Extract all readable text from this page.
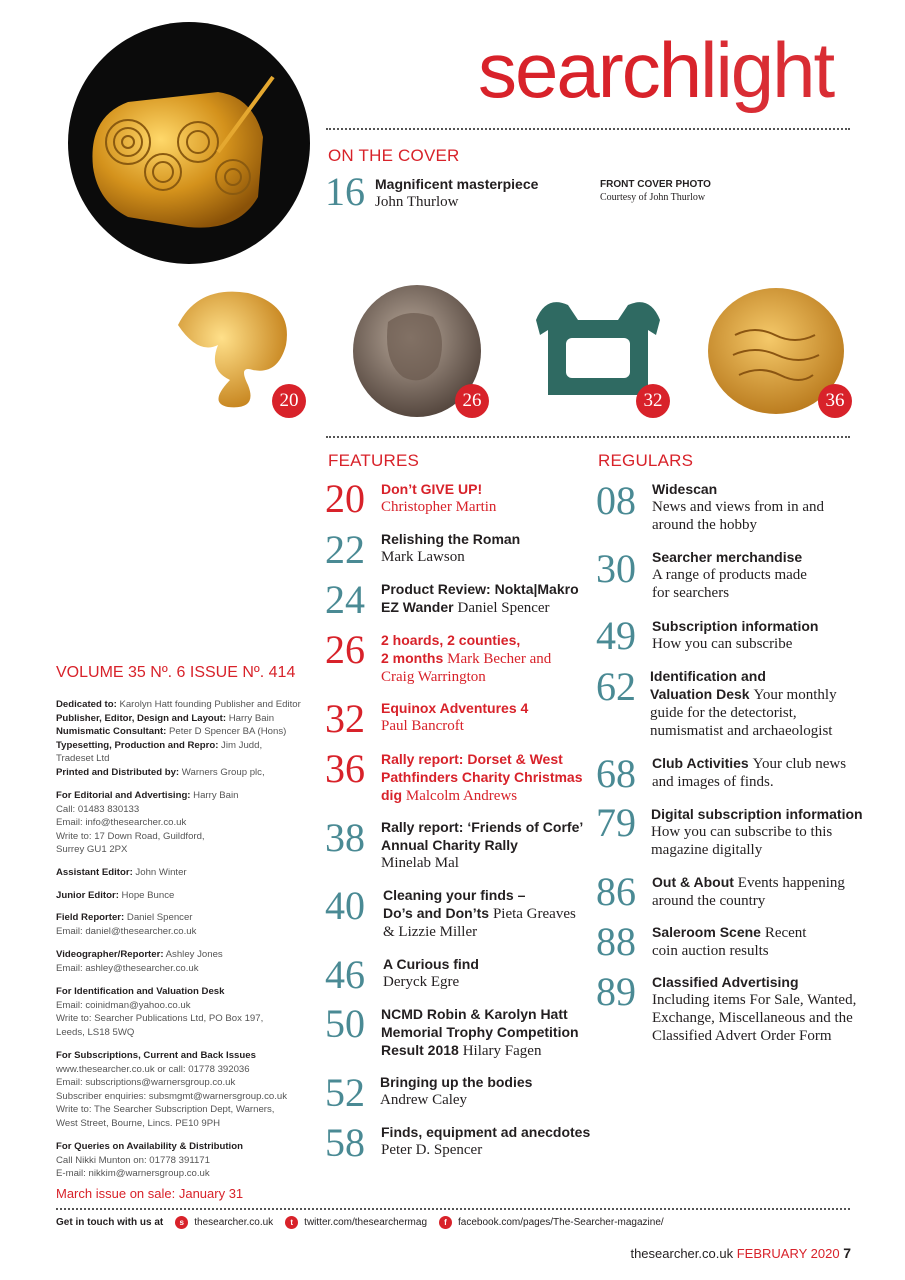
searchlight
ON THE COVER
16 Magnificent masterpiece
John Thurlow
FRONT COVER PHOTO
Courtesy of John Thurlow
20	26	32	36
FEATURES
20 Don’t GIVE UP!
Christopher Martin
22 Relishing the Roman
Mark Lawson
24 Product Review: Nokta|Makro
EZ Wander Daniel Spencer
26 2 hoards, 2 counties,
2 months Mark Becher and
Craig Warrington
32 Equinox Adventures 4
Paul Bancroft
36 Rally report: Dorset & West
Pathfinders Charity Christmas
dig Malcolm Andrews
38 Rally report: ‘Friends of Corfe’
Annual Charity Rally
Minelab Mal
40 Cleaning your finds –
Do’s and Don’ts Pieta Greaves
& Lizzie Miller
46 A Curious find
Deryck Egre
50 NCMD Robin & Karolyn Hatt
Memorial Trophy Competition
Result 2018 Hilary Fagen
52 Bringing up the bodies
Andrew Caley
58 Finds, equipment ad anecdotes
Peter D. Spencer
REGULARS
08 Widescan
News and views from in and
around the hobby
30 Searcher merchandise
A range of products made
for searchers
49 Subscription information
How you can subscribe
62 Identification and
Valuation Desk Your monthly
guide for the detectorist,
numismatist and archaeologist
68 Club Activities Your club news
and images of finds.
79 Digital subscription information
How you can subscribe to this
magazine digitally
86 Out & About Events happening
around the country
88 Saleroom Scene Recent
coin auction results
89 Classified Advertising
Including items For Sale, Wanted,
Exchange, Miscellaneous and the
Classified Advert Order Form
VOLUME 35 Nº. 6 ISSUE Nº. 414
Dedicated to: Karolyn Hatt founding Publisher and Editor
Publisher, Editor, Design and Layout: Harry Bain
Numismatic Consultant: Peter D Spencer BA (Hons)
Typesetting, Production and Repro: Jim Judd,
Tradeset Ltd
Printed and Distributed by: Warners Group plc,
For Editorial and Advertising: Harry Bain
Call: 01483 830133
Email: info@thesearcher.co.uk
Write to: 17 Down Road, Guildford,
Surrey GU1 2PX
Assistant Editor: John Winter
Junior Editor: Hope Bunce
Field Reporter: Daniel Spencer
Email: daniel@thesearcher.co.uk
Videographer/Reporter: Ashley Jones
Email: ashley@thesearcher.co.uk
For Identification and Valuation Desk
Email: coinidman@yahoo.co.uk
Write to: Searcher Publications Ltd, PO Box 197,
Leeds, LS18 5WQ
For Subscriptions, Current and Back Issues
www.thesearcher.co.uk or call: 01778 392036
Email: subscriptions@warnersgroup.co.uk
Subscriber enquiries: subsmgmt@warnersgroup.co.uk
Write to: The Searcher Subscription Dept, Warners,
West Street, Bourne, Lincs. PE10 9PH
For Queries on Availability & Distribution
Call Nikki Munton on: 01778 391171
E-mail: nikkim@warnersgroup.co.uk
March issue on sale: January 31
Get in touch with us at	s	thesearcher.co.uk	t	twitter.com/thesearchermag	f	facebook.com/pages/The-Searcher-magazine/
thesearcher.co.uk FEBRUARY 2020 7
